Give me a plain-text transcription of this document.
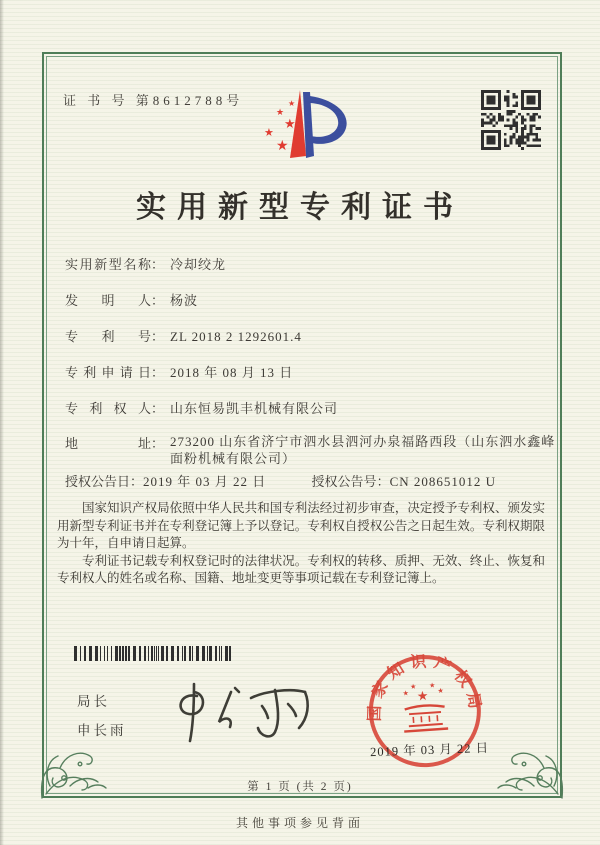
证 书 号 第8612788号	★
★
★
★
★
实用新型专利证书
实用新型名称： 冷却绞龙
发明人： 杨波
专利号： ZL 2018 2 1292601.4
专利申请日： 2018 年 08 月 13 日
专利权人： 山东恒易凯丰机械有限公司
地址： 273200 山东省济宁市泗水县泗河办泉福路西段（山东泗水鑫峰面粉机械有限公司）
授权公告日：2019 年 03 月 22 日	授权公告号：CN 208651012 U

国家知识产权局依照中华人民共和国专利法经过初步审查，决定授予专利权、颁发实用新型专利证书并在专利登记簿上予以登记。专利权自授权公告之日起生效。专利权期限为十年，自申请日起算。

专利证书记载专利权登记时的法律状况。专利权的转移、质押、无效、终止、恢复和专利权人的姓名或名称、国籍、地址变更等事项记载在专利登记簿上。

局长
申长雨
国家知识产权局
★
★
★ ★
★
2019 年 03 月 22 日
第 1 页 (共 2 页)
其他事项参见背面
